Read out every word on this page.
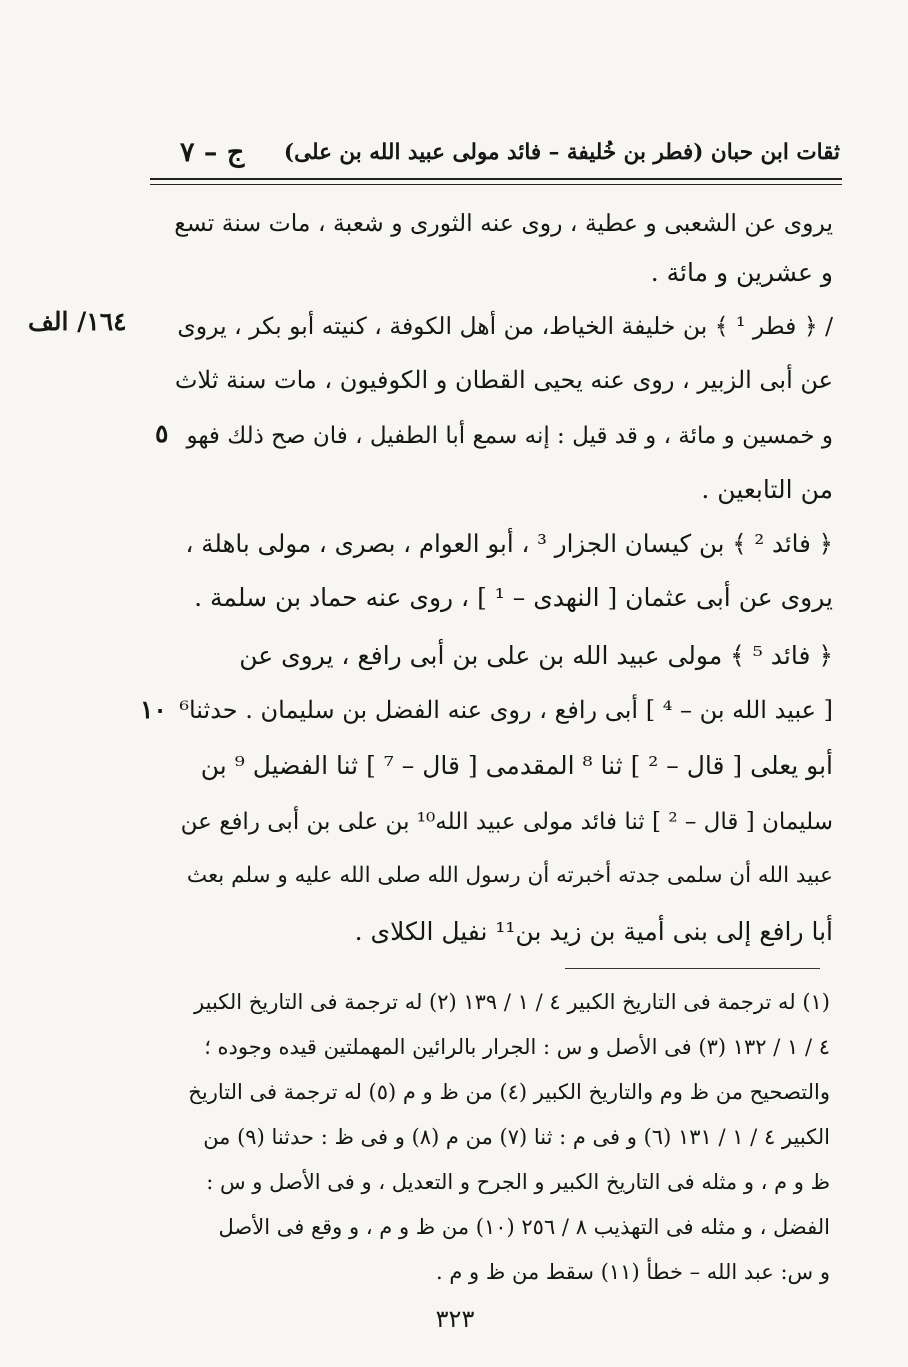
ج – ٧ ثقات ابن حبان (فطر بن خُليفة – فائد مولى عبيد الله بن على)
يروى عن الشعبى و عطية ، روى عنه الثورى و شعبة ، مات سنة تسع
و عشرين و مائة .
/ ﴿ فطر ¹ ﴾ بن خليفة الخياط، من أهل الكوفة ، كنيته أبو بكر ، يروى
عن أبى الزبير ، روى عنه يحيى القطان و الكوفيون ، مات سنة ثلاث
و خمسين و مائة ، و قد قيل : إنه سمع أبا الطفيل ، فان صح ذلك فهو
من التابعين .
﴿ فائد ² ﴾ بن كيسان الجزار ³ ، أبو العوام ، بصرى ، مولى باهلة ،
يروى عن أبى عثمان [ النهدى – ¹ ] ، روى عنه حماد بن سلمة .
﴿ فائد ⁵ ﴾ مولى عبيد الله بن على بن أبى رافع ، يروى عن
[ عبيد الله بن – ⁴ ] أبى رافع ، روى عنه الفضل بن سليمان . حدثنا⁶
أبو يعلى [ قال – ² ] ثنا ⁸ المقدمى [ قال – ⁷ ] ثنا الفضيل ⁹ بن
سليمان [ قال – ² ] ثنا فائد مولى عبيد الله¹⁰ بن على بن أبى رافع عن
عبيد الله أن سلمى جدته أخبرته أن رسول الله صلى الله عليه و سلم بعث
أبا رافع إلى بنى أمية بن زيد بن¹¹ نفيل الكلاى .
١٦٤/ الف
٥
١٠
(١) له ترجمة فى التاريخ الكبير ٤ / ١ / ١٣٩ (٢) له ترجمة فى التاريخ الكبير
٤ / ١ / ١٣٢ (٣) فى الأصل و س : الجرار بالرائين المهملتين قيده وجوده ؛
والتصحيح من ظ وم والتاريخ الكبير (٤) من ظ و م (٥) له ترجمة فى التاريخ
الكبير ٤ / ١ / ١٣١ (٦) و فى م : ثنا (٧) من م (٨) و فى ظ : حدثنا (٩) من
ظ و م ، و مثله فى التاريخ الكبير و الجرح و التعديل ، و فى الأصل و س :
الفضل ، و مثله فى التهذيب ٨ / ٢٥٦ (١٠) من ظ و م ، و وقع فى الأصل
و س: عبد الله – خطأ (١١) سقط من ظ و م .
٣٢٣
